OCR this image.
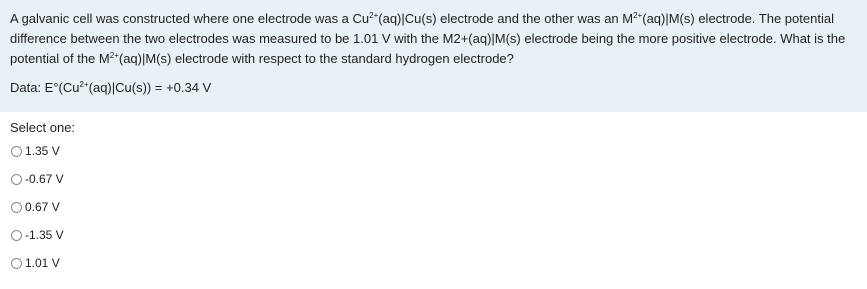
A galvanic cell was constructed where one electrode was a $Cu^{2+}(aq)|Cu(s)$ electrode and the other was an $M^{2+}(aq)|M(s)$ electrode. The potential difference between the two electrodes was measured to be 1.01 V with the M2+(aq)|M(s) electrode being the more positive electrode. What is the potential of the $M^{2+}(aq)|M(s)$ electrode with respect to the standard hydrogen electrode?

Data: $E^\circ(Cu^{2+}(aq)|Cu(s)) = +0.34$ V

Select one:
1.35 V
-0.67 V
0.67 V
-1.35 V
1.01 V
